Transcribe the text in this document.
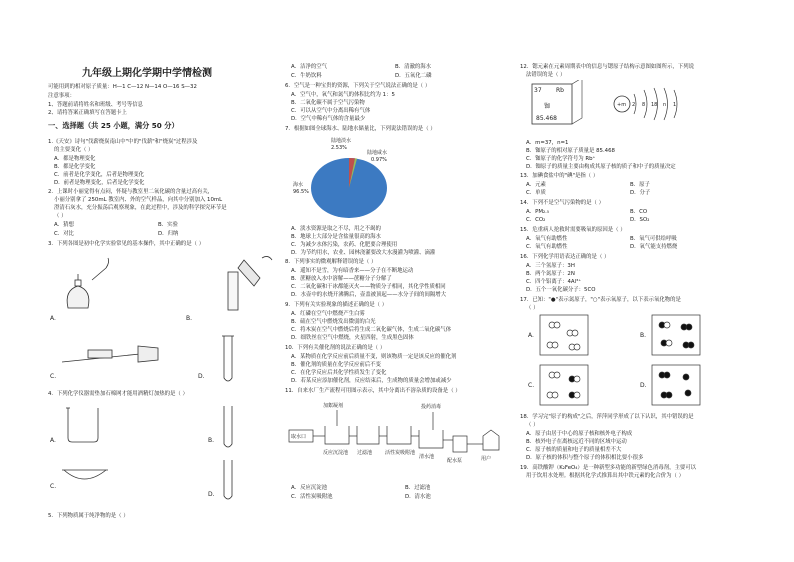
九年级上期化学期中学情检测
可能用到的相对原子质量：H—1 C—12 N—14 O—16 S—32
注意事项：
1、答题前请将姓名和班级、考号等信息
2、请将答案正确填写在答题卡上
一、选择题（共 25 小题，满分 50 分）
1.《天安》诗句"伐薪烧炭南山中"中的"伐薪"和"烧炭"过程涉及
的主要变化（ ）
A．都是物理变化
B．都是化学变化
C．前者是化学变化，后者是物理变化
D．前者是物理变化，后者是化学变化
2．上课时小丽觉得有点闷，怀疑与教室里二氧化碳的含量过高有关，
小丽分别拿了 250mL 教室内、外的空气样品，向其中分别加入 10mL
澄清石灰水，充分振荡后观察现象，在此过程中，涉及的科学探究环节是
（ ）
A．猜想	B．实验
C．对比	D．归纳
3．下列各图是初中化学实验常见的基本操作，其中正确的是（ ）
A.	B.
C.	D.
4．下列化学仪器需垫加石棉网才能用酒精灯加热的是（ ）
A.	B.
C.
D.
5．下列物质属于纯净物的是（ ）
A．洁净的空气	B．清澈的海水
C．牛奶饮料	D．五氧化二磷
6．空气是一种宝贵的资源，下列关于空气说法正确的是（ ）
A．空气中，氧气和氮气的体积比约为 1：5
B．二氧化碳不属于空气污染物
C．可以从空气中分离出稀有气体
D．空气中稀有气体的含量最少
7．根据如图全球海水、陆地水储量比，下列说法错误的是（ ）
陆地淡水
2.53%
陆地咸水
0.97%
海水
96.5%
A．淡水资源是取之不尽，用之不竭的
B．地球上大部分是含盐量很高的海水
C．为减少水体污染，农药、化肥要合理使用
D．为节约用水，农业、园林浇灌要改大水漫灌为喷灌、滴灌
8．下列事实的微观解释错误的是（ ）
A．遥知不是雪，为有暗香来——分子在不断地运动
B．蔗糖放入水中溶解——蔗糖分子分解了
C．二氧化碳和干冰都能灭火——物质分子相同，其化学性质相同
D．水壶中的水烧开沸腾后，壶盖被顶起——水分子间的间隔增大
9．下列有关实验现象的描述正确的是（ ）
A．红磷在空气中燃烧产生白雾
B．硫在空气中燃烧发出微弱的白光
C．将木炭在空气中燃烧后将生成二氧化碳气体，生成二氧化碳气体
D．细铁丝在空气中燃烧，火星四射，生成黑色固体
10．下列有关催化剂的说法正确的是（ ）
A．某物质在化学反应前后质量不变，则该物质一定是该反应的催化剂
B．催化剂的质量在化学反应前后不变
C．在化学反应后其化学性质发生了变化
D．若某反应添加催化剂，反应结束后，生成物的质量会增加或减少
11．自来水厂生产流程可用图示表示，其中分离出不溶杂质的设备是（ ）
取水口
加絮凝剂
反应沉淀池 过滤池	活性炭吸附池
清水池
投药消毒
配水泵	用户
A．反应沉淀池	B．过滤池
C．活性炭吸附池	D．清水池
12．锶元素在元素周期表中的信息与锶原子结构示意图如图所示，下列说
法错误的是（ ）
37 Rb
铷
85.468
+m 2 8 18 n 1
A．m=37，n=1
B．铷原子的相对原子质量是 85.468
C．铷原子的化学符号为 Rb⁺
D．铷原子的质量主要由构成其原子核的质子和中子的质量决定
13．加碘食盐中的"碘"是指（ ）
A．元素	B．原子
C．单质	D．分子
14．下列不是空气污染物的是（ ）
A．PM₂.₅	B．CO
C．CO₂	D．SO₂
15．危重病人抢救时需要吸氧的原因是（ ）
A．氧气有助燃性	B．氧气可供给呼吸
C．氧气有助燃性	D．氧气能支持燃烧
16．下列化学用语表达正确的是（ ）
A．三个氢原子：3H
B．两个氮原子：2N
C．四个铝离子：4Al³⁺
D．五个一氧化碳分子：5CO
17．已知："●"表示氮原子，"○"表示氧原子，以下表示氧化物的是
（ ）
A.	B.
C.	D.
18．学习完"原子的构成"之后，萍萍同学形成了以下认识，其中错误的是
（ ）
A．原子由居于中心的原子核和核外电子构成
B．核外电子在离核远近不同的区域中运动
C．原子核的质量和电子的质量相差不大
D．原子核的体积与整个原子的体积相比要小很多
19．高铁酸钾（K₂FeO₄）是一种新型多功能的新型绿色消毒剂，主要可以
用于饮用水处理。根据其化学式推算出其中铁元素的化合价为（ ）
